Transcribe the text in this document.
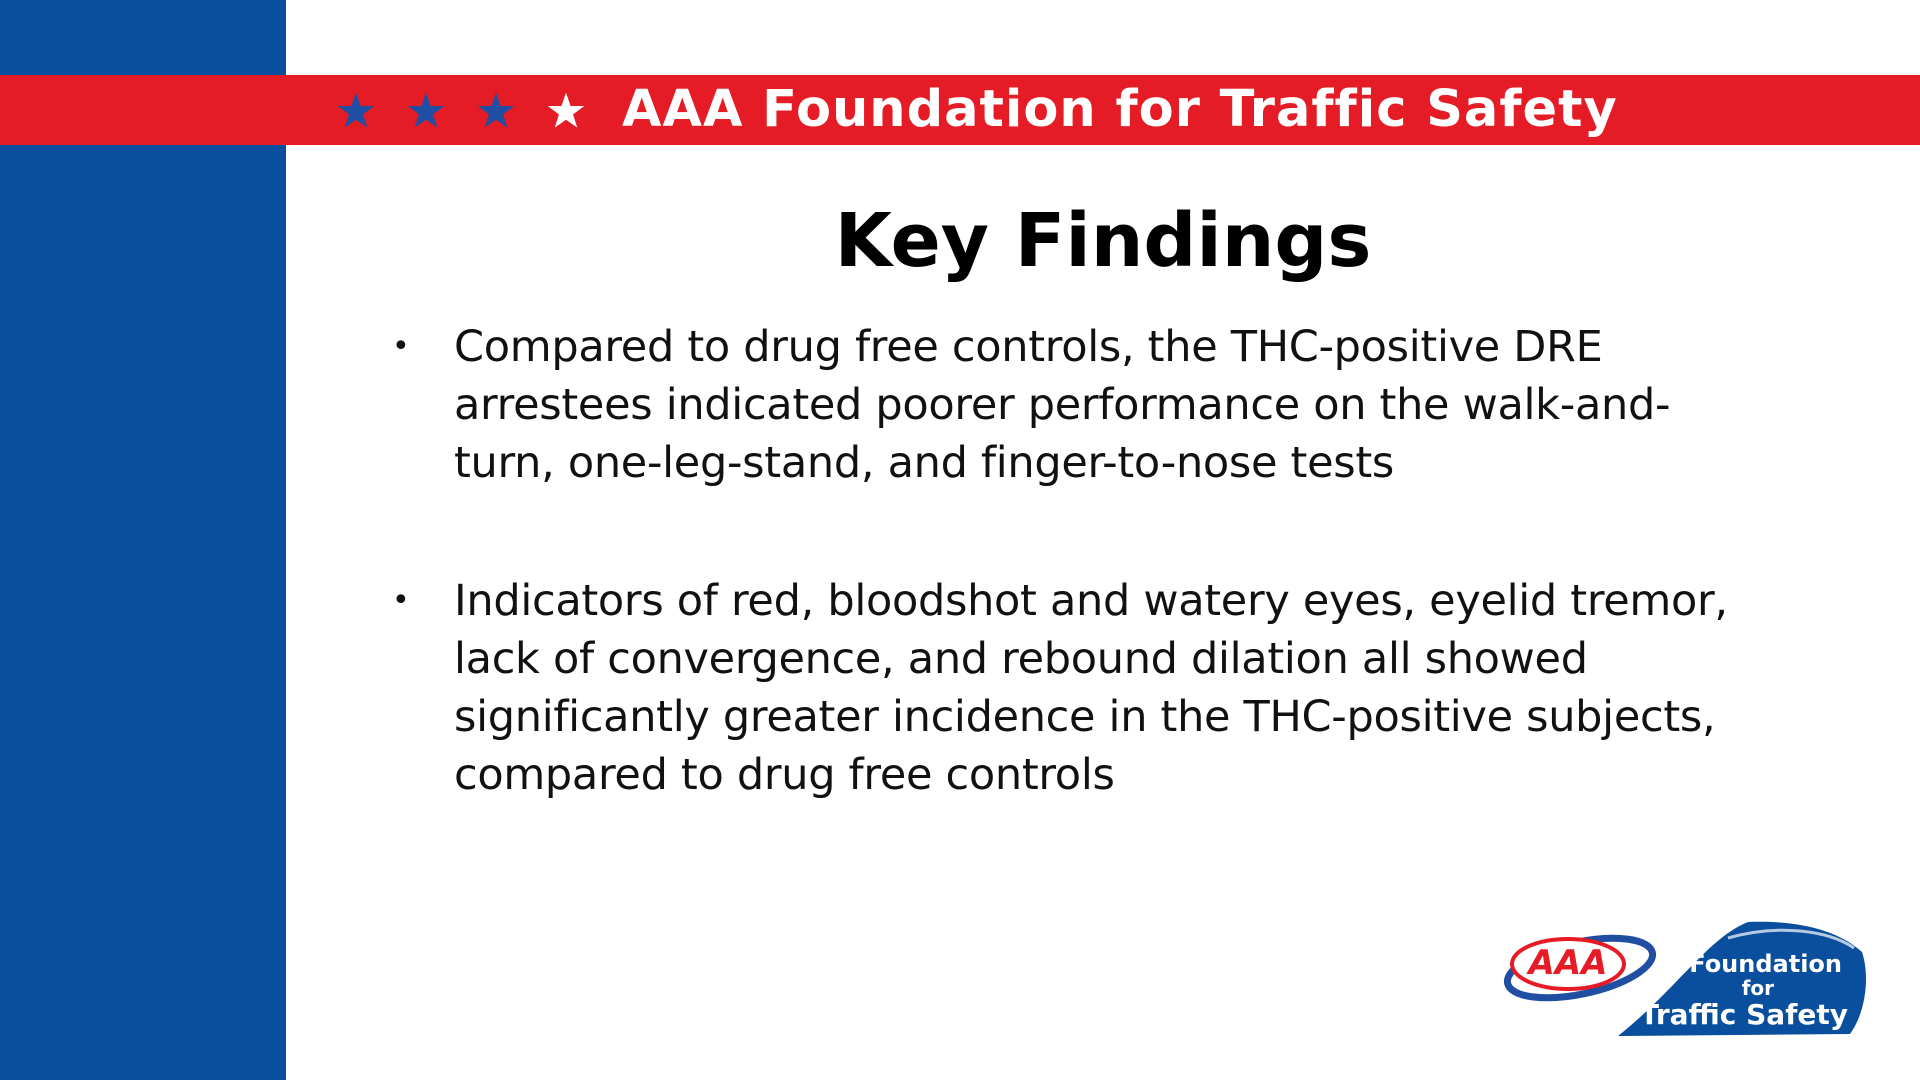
AAA Foundation for Traffic Safety
Key Findings
• Compared to drug free controls, the THC-positive DRE arrestees indicated poorer performance on the walk-and-turn, one-leg-stand, and finger-to-nose tests
• Indicators of red, bloodshot and watery eyes, eyelid tremor, lack of convergence, and rebound dilation all showed significantly greater incidence in the THC-positive subjects, compared to drug free controls
AAA	Foundation
for
Traffic Safety
